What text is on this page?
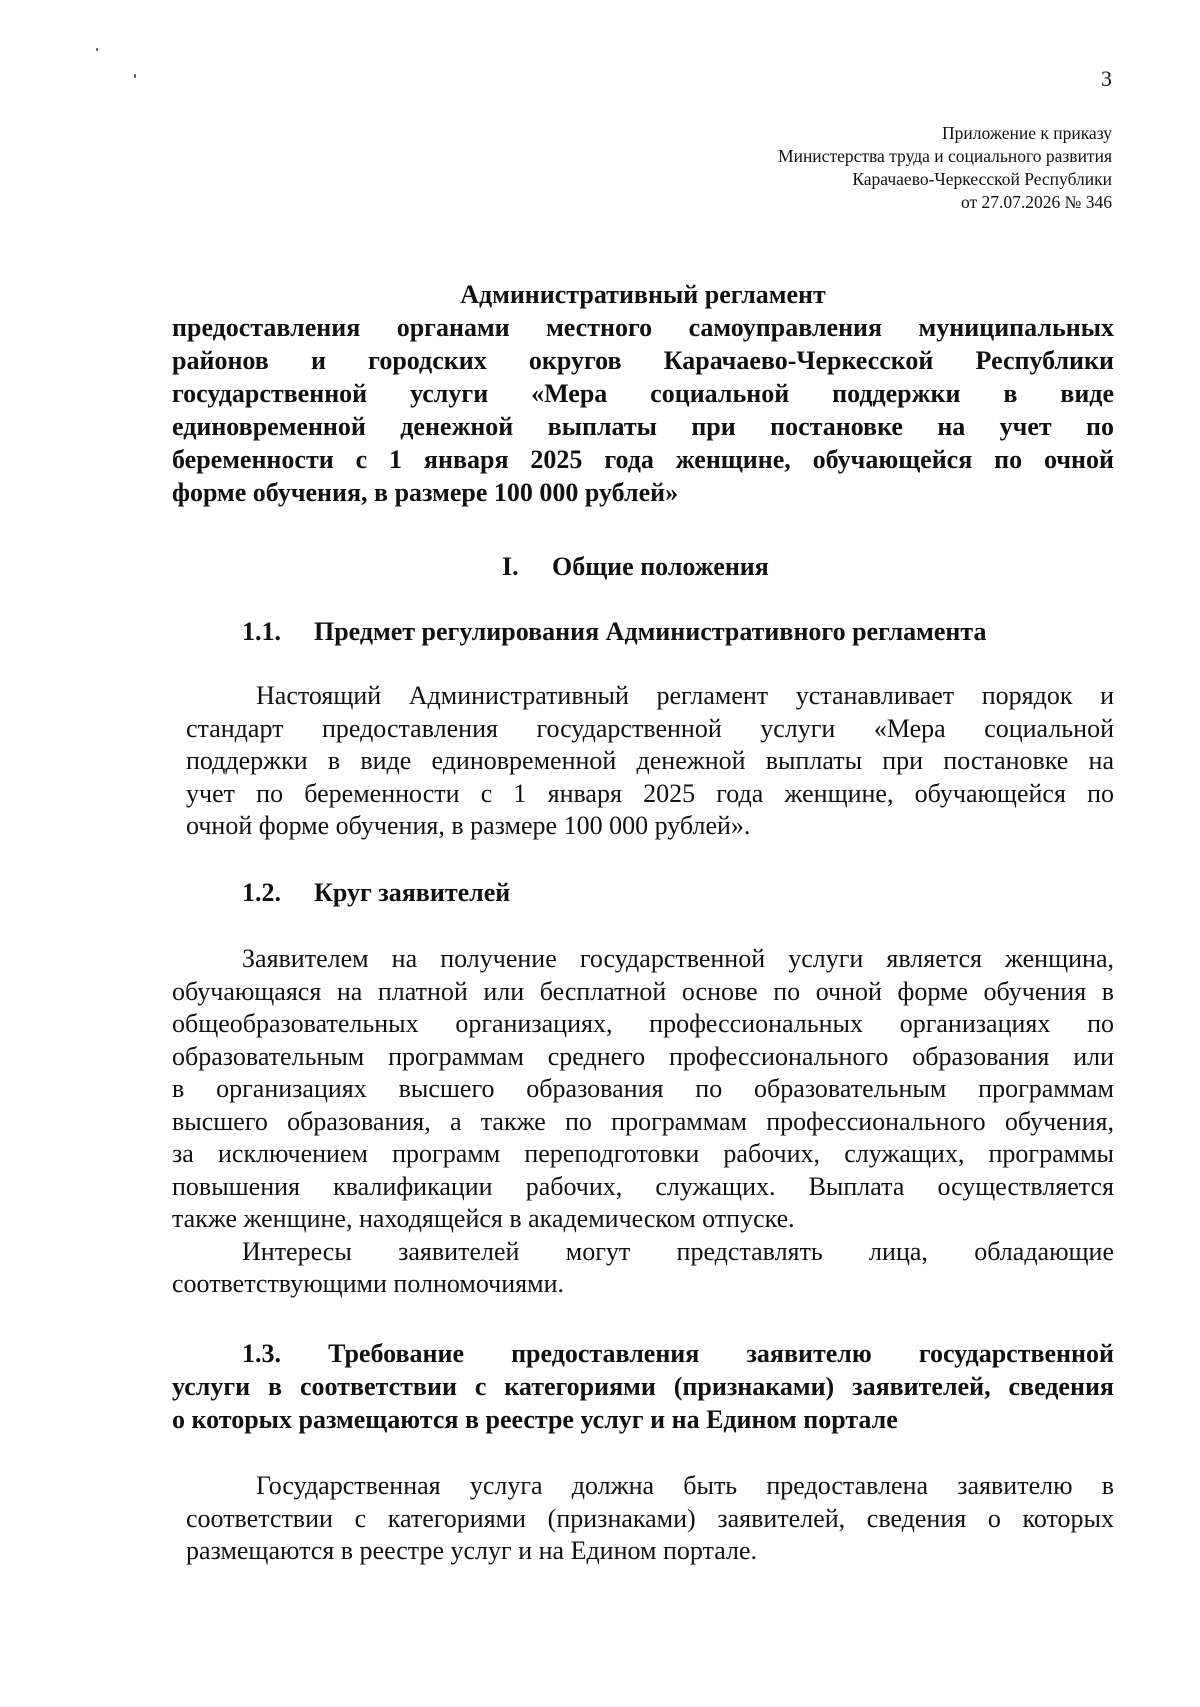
3
Приложение к приказу
Министерства труда и социального развития
Карачаево-Черкесской Республики
от 27.07.2026 № 346
Административный регламент
предоставления органами местного самоуправления муниципальных
районов и городских округов Карачаево-Черкесской Республики
государственной услуги «Мера социальной поддержки в виде
единовременной денежной выплаты при постановке на учет по
беременности с 1 января 2025 года женщине, обучающейся по очной
форме обучения, в размере 100 000 рублей»
I. Общие положения
1.1. Предмет регулирования Административного регламента
Настоящий Административный регламент устанавливает порядок и
стандарт предоставления государственной услуги «Мера социальной
поддержки в виде единовременной денежной выплаты при постановке на
учет по беременности с 1 января 2025 года женщине, обучающейся по
очной форме обучения, в размере 100 000 рублей».
1.2. Круг заявителей
Заявителем на получение государственной услуги является женщина,
обучающаяся на платной или бесплатной основе по очной форме обучения в
общеобразовательных организациях, профессиональных организациях по
образовательным программам среднего профессионального образования или
в организациях высшего образования по образовательным программам
высшего образования, а также по программам профессионального обучения,
за исключением программ переподготовки рабочих, служащих, программы
повышения квалификации рабочих, служащих. Выплата осуществляется
также женщине, находящейся в академическом отпуске.
Интересы заявителей могут представлять лица, обладающие
соответствующими полномочиями.
1.3. Требование предоставления заявителю государственной
услуги в соответствии с категориями (признаками) заявителей, сведения
о которых размещаются в реестре услуг и на Едином портале
Государственная услуга должна быть предоставлена заявителю в
соответствии с категориями (признаками) заявителей, сведения о которых
размещаются в реестре услуг и на Едином портале.
